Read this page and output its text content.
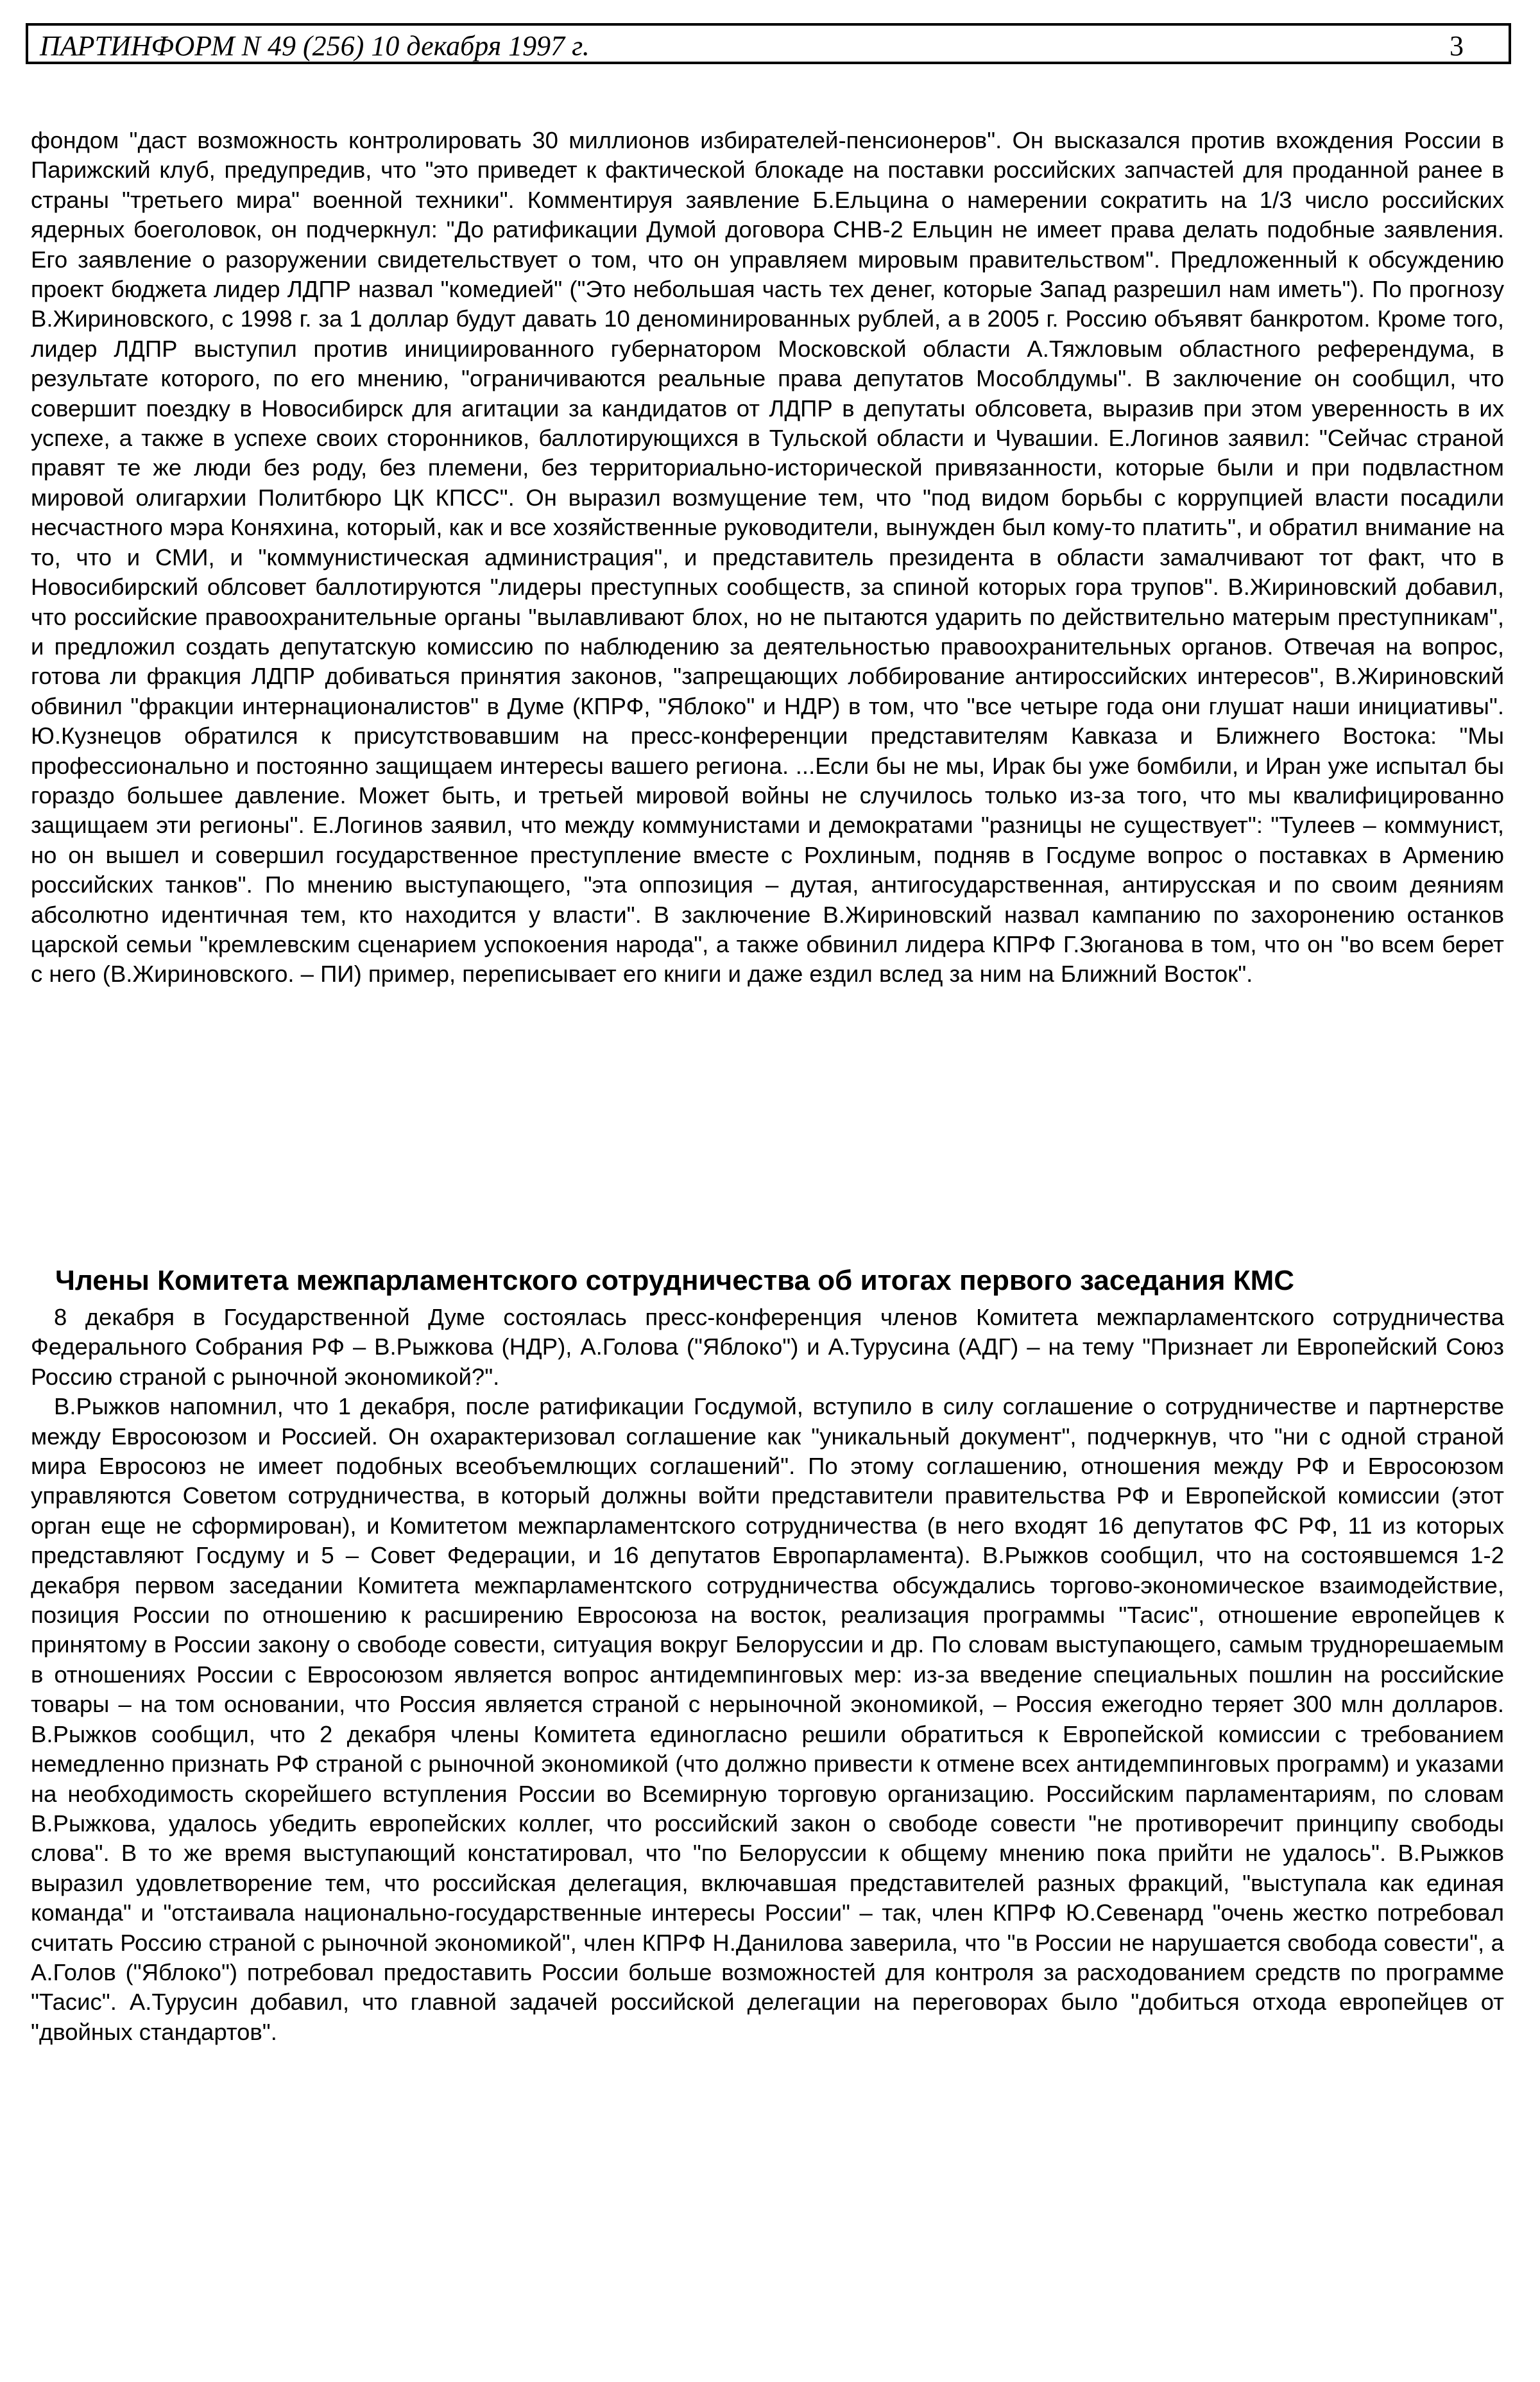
ПАРТИНФОРМ N 49 (256) 10 декабря 1997 г.	3

фондом "даст возможность контролировать 30 миллионов избирателей-пенсионеров". Он высказался против вхождения России в Парижский клуб, предупредив, что "это приведет к фактической блокаде на поставки российских запчастей для проданной ранее в страны "третьего мира" военной техники". Комментируя заявление Б.Ельцина о намерении сократить на 1/3 число российских ядерных боеголовок, он подчеркнул: "До ратификации Думой договора СНВ-2 Ельцин не имеет права делать подобные заявления. Его заявление о разоружении свидетельствует о том, что он управляем мировым правительством". Предложенный к обсуждению проект бюджета лидер ЛДПР назвал "комедией" ("Это небольшая часть тех денег, которые Запад разрешил нам иметь"). По прогнозу В.Жириновского, с 1998 г. за 1 доллар будут давать 10 деноминированных рублей, а в 2005 г. Россию объявят банкротом. Кроме того, лидер ЛДПР выступил против инициированного губернатором Московской области А.Тяжловым областного референдума, в результате которого, по его мнению, "ограничиваются реальные права депутатов Мособлдумы". В заключение он сообщил, что совершит поездку в Новосибирск для агитации за кандидатов от ЛДПР в депутаты облсовета, выразив при этом уверенность в их успехе, а также в успехе своих сторонников, баллотирующихся в Тульской области и Чувашии. Е.Логинов заявил: "Сейчас страной правят те же люди без роду, без племени, без территориально-исторической привязанности, которые были и при подвластном мировой олигархии Политбюро ЦК КПСС". Он выразил возмущение тем, что "под видом борьбы с коррупцией власти посадили несчастного мэра Коняхина, который, как и все хозяйственные руководители, вынужден был кому-то платить", и обратил внимание на то, что и СМИ, и "коммунистическая администрация", и представитель президента в области замалчивают тот факт, что в Новосибирский облсовет баллотируются "лидеры преступных сообществ, за спиной которых гора трупов". В.Жириновский добавил, что российские правоохранительные органы "вылавливают блох, но не пытаются ударить по действительно матерым преступникам", и предложил создать депутатскую комиссию по наблюдению за деятельностью правоохранительных органов. Отвечая на вопрос, готова ли фракция ЛДПР добиваться принятия законов, "запрещающих лоббирование антироссийских интересов", В.Жириновский обвинил "фракции интернационалистов" в Думе (КПРФ, "Яблоко" и НДР) в том, что "все четыре года они глушат наши инициативы". Ю.Кузнецов обратился к присутствовавшим на пресс-конференции представителям Кавказа и Ближнего Востока: "Мы профессионально и постоянно защищаем интересы вашего региона. ...Если бы не мы, Ирак бы уже бомбили, и Иран уже испытал бы гораздо большее давление. Может быть, и третьей мировой войны не случилось только из-за того, что мы квалифицированно защищаем эти регионы". Е.Логинов заявил, что между коммунистами и демократами "разницы не существует": "Тулеев – коммунист, но он вышел и совершил государственное преступление вместе с Рохлиным, подняв в Госдуме вопрос о поставках в Армению российских танков". По мнению выступающего, "эта оппозиция – дутая, антигосударственная, антирусская и по своим деяниям абсолютно идентичная тем, кто находится у власти". В заключение В.Жириновский назвал кампанию по захоронению останков царской семьи "кремлевским сценарием успокоения народа", а также обвинил лидера КПРФ Г.Зюганова в том, что он "во всем берет с него (В.Жириновского. – ПИ) пример, переписывает его книги и даже ездил вслед за ним на Ближний Восток".

Члены Комитета межпарламентского сотрудничества об итогах первого заседания КМС

8 декабря в Государственной Думе состоялась пресс-конференция членов Комитета межпарламентского сотрудничества Федерального Собрания РФ – В.Рыжкова (НДР), А.Голова ("Яблоко") и А.Турусина (АДГ) – на тему "Признает ли Европейский Союз Россию страной с рыночной экономикой?".

В.Рыжков напомнил, что 1 декабря, после ратификации Госдумой, вступило в силу соглашение о сотрудничестве и партнерстве между Евросоюзом и Россией. Он охарактеризовал соглашение как "уникальный документ", подчеркнув, что "ни с одной страной мира Евросоюз не имеет подобных всеобъемлющих соглашений". По этому соглашению, отношения между РФ и Евросоюзом управляются Советом сотрудничества, в который должны войти представители правительства РФ и Европейской комиссии (этот орган еще не сформирован), и Комитетом межпарламентского сотрудничества (в него входят 16 депутатов ФС РФ, 11 из которых представляют Госдуму и 5 – Совет Федерации, и 16 депутатов Европарламента). В.Рыжков сообщил, что на состоявшемся 1-2 декабря первом заседании Комитета межпарламентского сотрудничества обсуждались торгово-экономическое взаимодействие, позиция России по отношению к расширению Евросоюза на восток, реализация программы "Тасис", отношение европейцев к принятому в России закону о свободе совести, ситуация вокруг Белоруссии и др. По словам выступающего, самым труднорешаемым в отношениях России с Евросоюзом является вопрос антидемпинговых мер: из-за введение специальных пошлин на российские товары – на том основании, что Россия является страной с нерыночной экономикой, – Россия ежегодно теряет 300 млн долларов. В.Рыжков сообщил, что 2 декабря члены Комитета единогласно решили обратиться к Европейской комиссии с требованием немедленно признать РФ страной с рыночной экономикой (что должно привести к отмене всех антидемпинговых программ) и указами на необходимость скорейшего вступления России во Всемирную торговую организацию. Российским парламентариям, по словам В.Рыжкова, удалось убедить европейских коллег, что российский закон о свободе совести "не противоречит принципу свободы слова". В то же время выступающий констатировал, что "по Белоруссии к общему мнению пока прийти не удалось". В.Рыжков выразил удовлетворение тем, что российская делегация, включавшая представителей разных фракций, "выступала как единая команда" и "отстаивала национально-государственные интересы России" – так, член КПРФ Ю.Севенард "очень жестко потребовал считать Россию страной с рыночной экономикой", член КПРФ Н.Данилова заверила, что "в России не нарушается свобода совести", а А.Голов ("Яблоко") потребовал предоставить России больше возможностей для контроля за расходованием средств по программе "Тасис". А.Турусин добавил, что главной задачей российской делегации на переговорах было "добиться отхода европейцев от "двойных стандартов".
